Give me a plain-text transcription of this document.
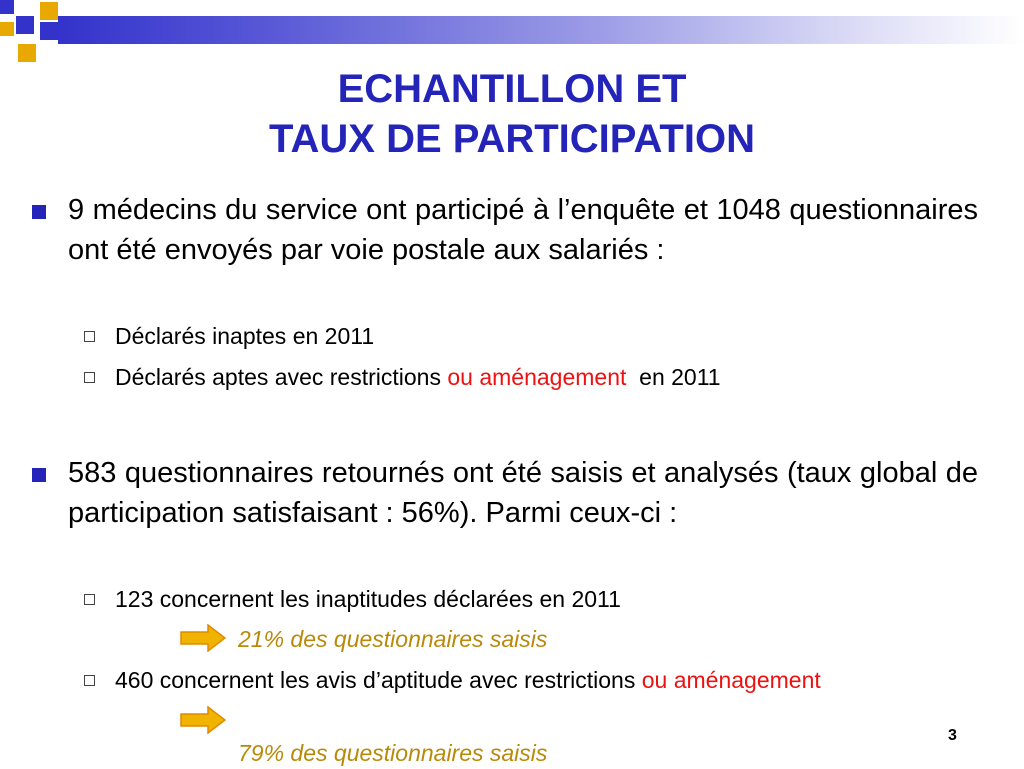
ECHANTILLON ET
TAUX DE PARTICIPATION

9 médecins du service ont participé à l’enquête et 1048 questionnaires ont été envoyés par voie postale aux salariés :

Déclarés inaptes en 2011

Déclarés aptes avec restrictions ou aménagement  en 2011

583 questionnaires retournés ont été saisis et analysés (taux global de participation satisfaisant : 56%). Parmi ceux-ci :

123 concernent les inaptitudes déclarées en 2011

21% des questionnaires saisis

460 concernent les avis d’aptitude avec restrictions ou aménagement

79% des questionnaires saisis

3
